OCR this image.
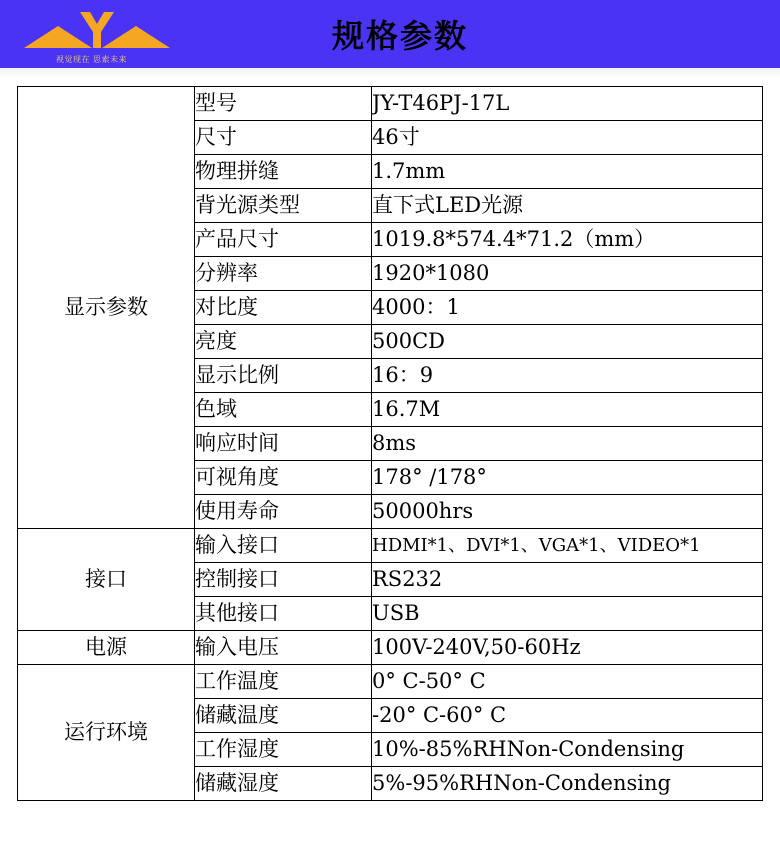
视觉现在 思索未来
规格参数
显示参数	型号	JY-T46PJ-17L
	尺寸	46寸
	物理拼缝	1.7mm
	背光源类型	直下式LED光源
	产品尺寸	1019.8*574.4*71.2（mm）
	分辨率	1920*1080
	对比度	4000：1
	亮度	500CD
	显示比例	16：9
	色域	16.7M
	响应时间	8ms
	可视角度	178° /178°
	使用寿命	50000hrs
接口	输入接口	HDMI*1、DVI*1、VGA*1、VIDEO*1
	控制接口	RS232
	其他接口	USB
电源	输入电压	100V-240V,50-60Hz
运行环境	工作温度	0° C-50° C
	储藏温度	-20° C-60° C
	工作湿度	10%-85%RHNon-Condensing
	储藏湿度	5%-95%RHNon-Condensing
